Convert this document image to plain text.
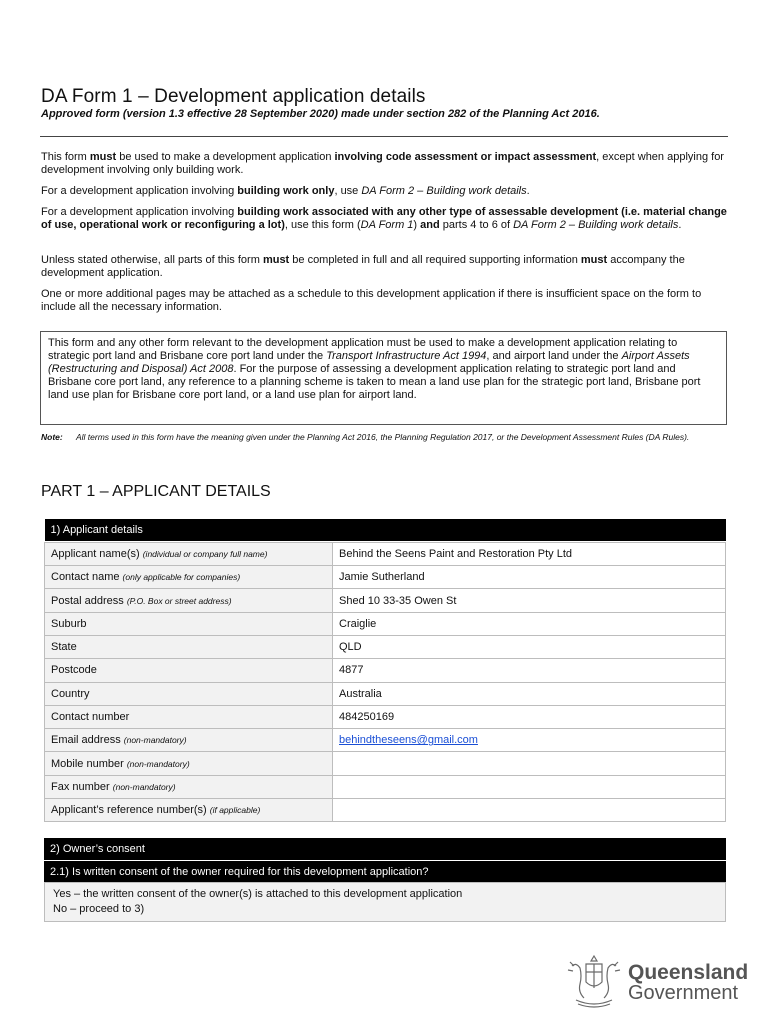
DA Form 1 – Development application details
Approved form (version 1.3 effective 28 September 2020) made under section 282 of the Planning Act 2016.
This form must be used to make a development application involving code assessment or impact assessment, except when applying for development involving only building work.
For a development application involving building work only, use DA Form 2 – Building work details.
For a development application involving building work associated with any other type of assessable development (i.e. material change of use, operational work or reconfiguring a lot), use this form (DA Form 1) and parts 4 to 6 of DA Form 2 – Building work details.
Unless stated otherwise, all parts of this form must be completed in full and all required supporting information must accompany the development application.
One or more additional pages may be attached as a schedule to this development application if there is insufficient space on the form to include all the necessary information.
This form and any other form relevant to the development application must be used to make a development application relating to strategic port land and Brisbane core port land under the Transport Infrastructure Act 1994, and airport land under the Airport Assets (Restructuring and Disposal) Act 2008. For the purpose of assessing a development application relating to strategic port land and Brisbane core port land, any reference to a planning scheme is taken to mean a land use plan for the strategic port land, Brisbane port land use plan for Brisbane core port land, or a land use plan for airport land.
Note: All terms used in this form have the meaning given under the Planning Act 2016, the Planning Regulation 2017, or the Development Assessment Rules (DA Rules).
PART 1 – APPLICANT DETAILS
1) Applicant details	

Applicant name(s) (individual or company full name)	Behind the Seens Paint and Restoration Pty Ltd
Contact name (only applicable for companies)	Jamie Sutherland
Postal address (P.O. Box or street address)	Shed 10 33-35 Owen St
Suburb	Craiglie
State	QLD
Postcode	4877
Country	Australia
Contact number	484250169
Email address (non-mandatory)	behindtheseens@gmail.com
Mobile number (non-mandatory)	
Fax number (non-mandatory)	
Applicant’s reference number(s) (if applicable)	
2) Owner’s consent
2.1) Is written consent of the owner required for this development application?
Yes – the written consent of the owner(s) is attached to this development application
No – proceed to 3)
Queensland
Government
